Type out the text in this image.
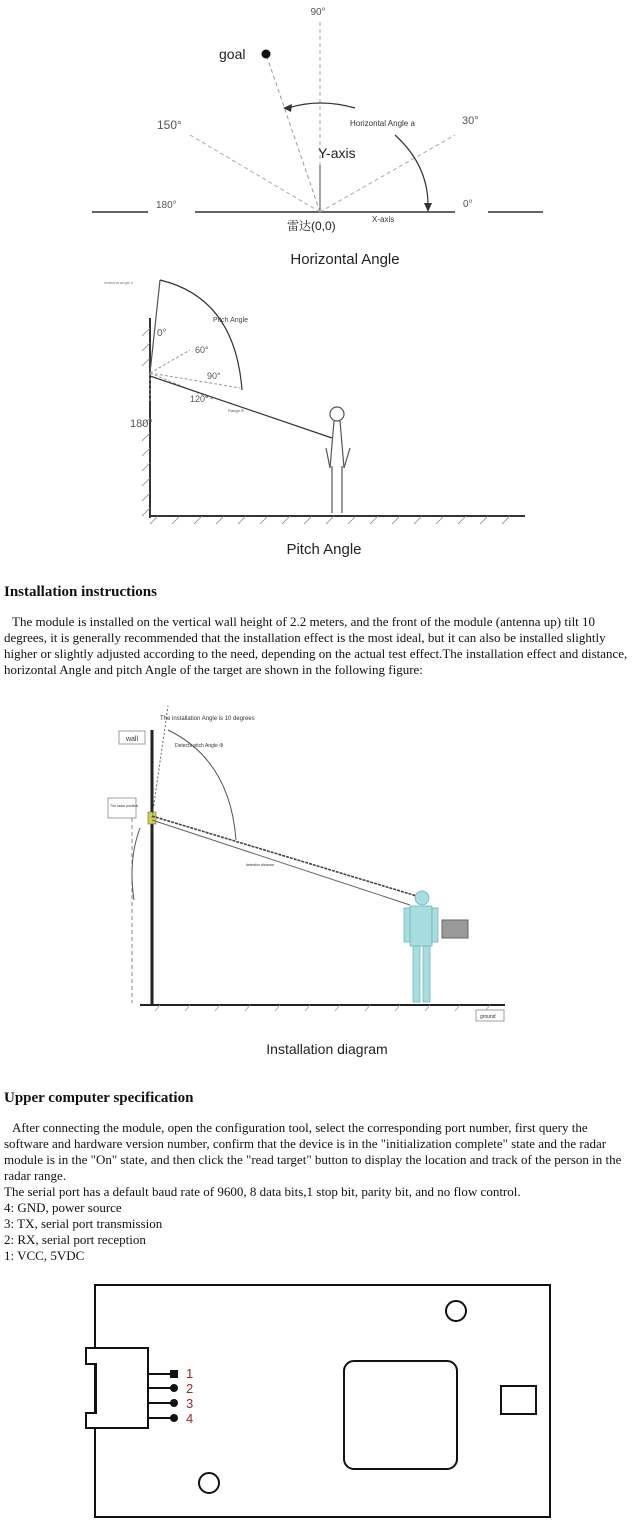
90°
goal
150°	30°
Horizontal Angle a
Y-axis
180°	0°
X-axis
雷达(0,0)
Horizontal Angle
Antenna angle 0
Pitch Angle
0°
60°
90°
120°
180°
Range R
Pitch Angle
Installation instructions
The module is installed on the vertical wall height of 2.2 meters, and the front of the module (antenna up) tilt 10 degrees, it is generally recommended that the installation effect is the most ideal, but it can also be installed slightly higher or slightly adjusted according to the need, depending on the actual test effect.The installation effect and distance, horizontal Angle and pitch Angle of the target are shown in the following figure:
wall
The installation Angle is 10 degrees
Detects pitch Angle Φ
The radar position
detection distance
ground
Installation diagram
Upper computer specification

After connecting the module, open the configuration tool, select the corresponding port number, first query the software and hardware version number, confirm that the device is in the "initialization complete" state and the radar module is in the "On" state, and then click the "read target" button to display the location and track of the person in the radar range.

The serial port has a default baud rate of 9600, 8 data bits,1 stop bit, parity bit, and no flow control.

4: GND, power source

3: TX, serial port transmission

2: RX, serial port reception

1: VCC, 5VDC

1
2
3
4
